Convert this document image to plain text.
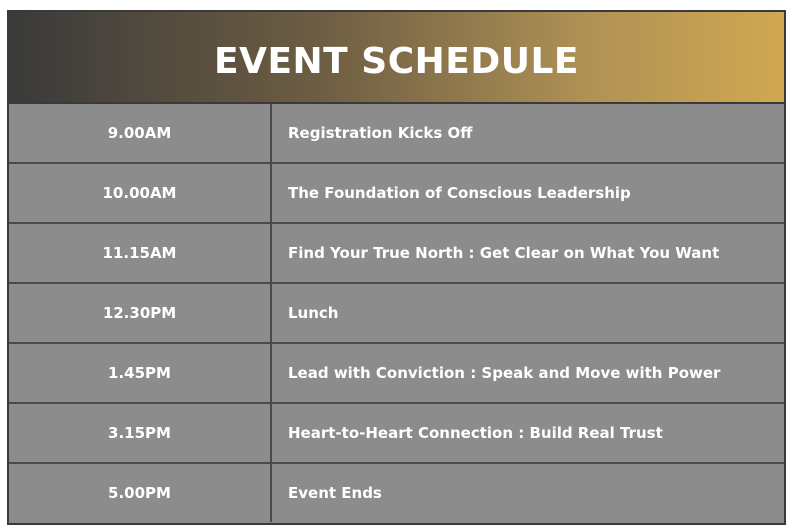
EVENT SCHEDULE
9.00AM	Registration Kicks Off
10.00AM	The Foundation of Conscious Leadership
11.15AM	Find Your True North : Get Clear on What You Want
12.30PM	Lunch
1.45PM	Lead with Conviction : Speak and Move with Power
3.15PM	Heart-to-Heart Connection : Build Real Trust
5.00PM	Event Ends
